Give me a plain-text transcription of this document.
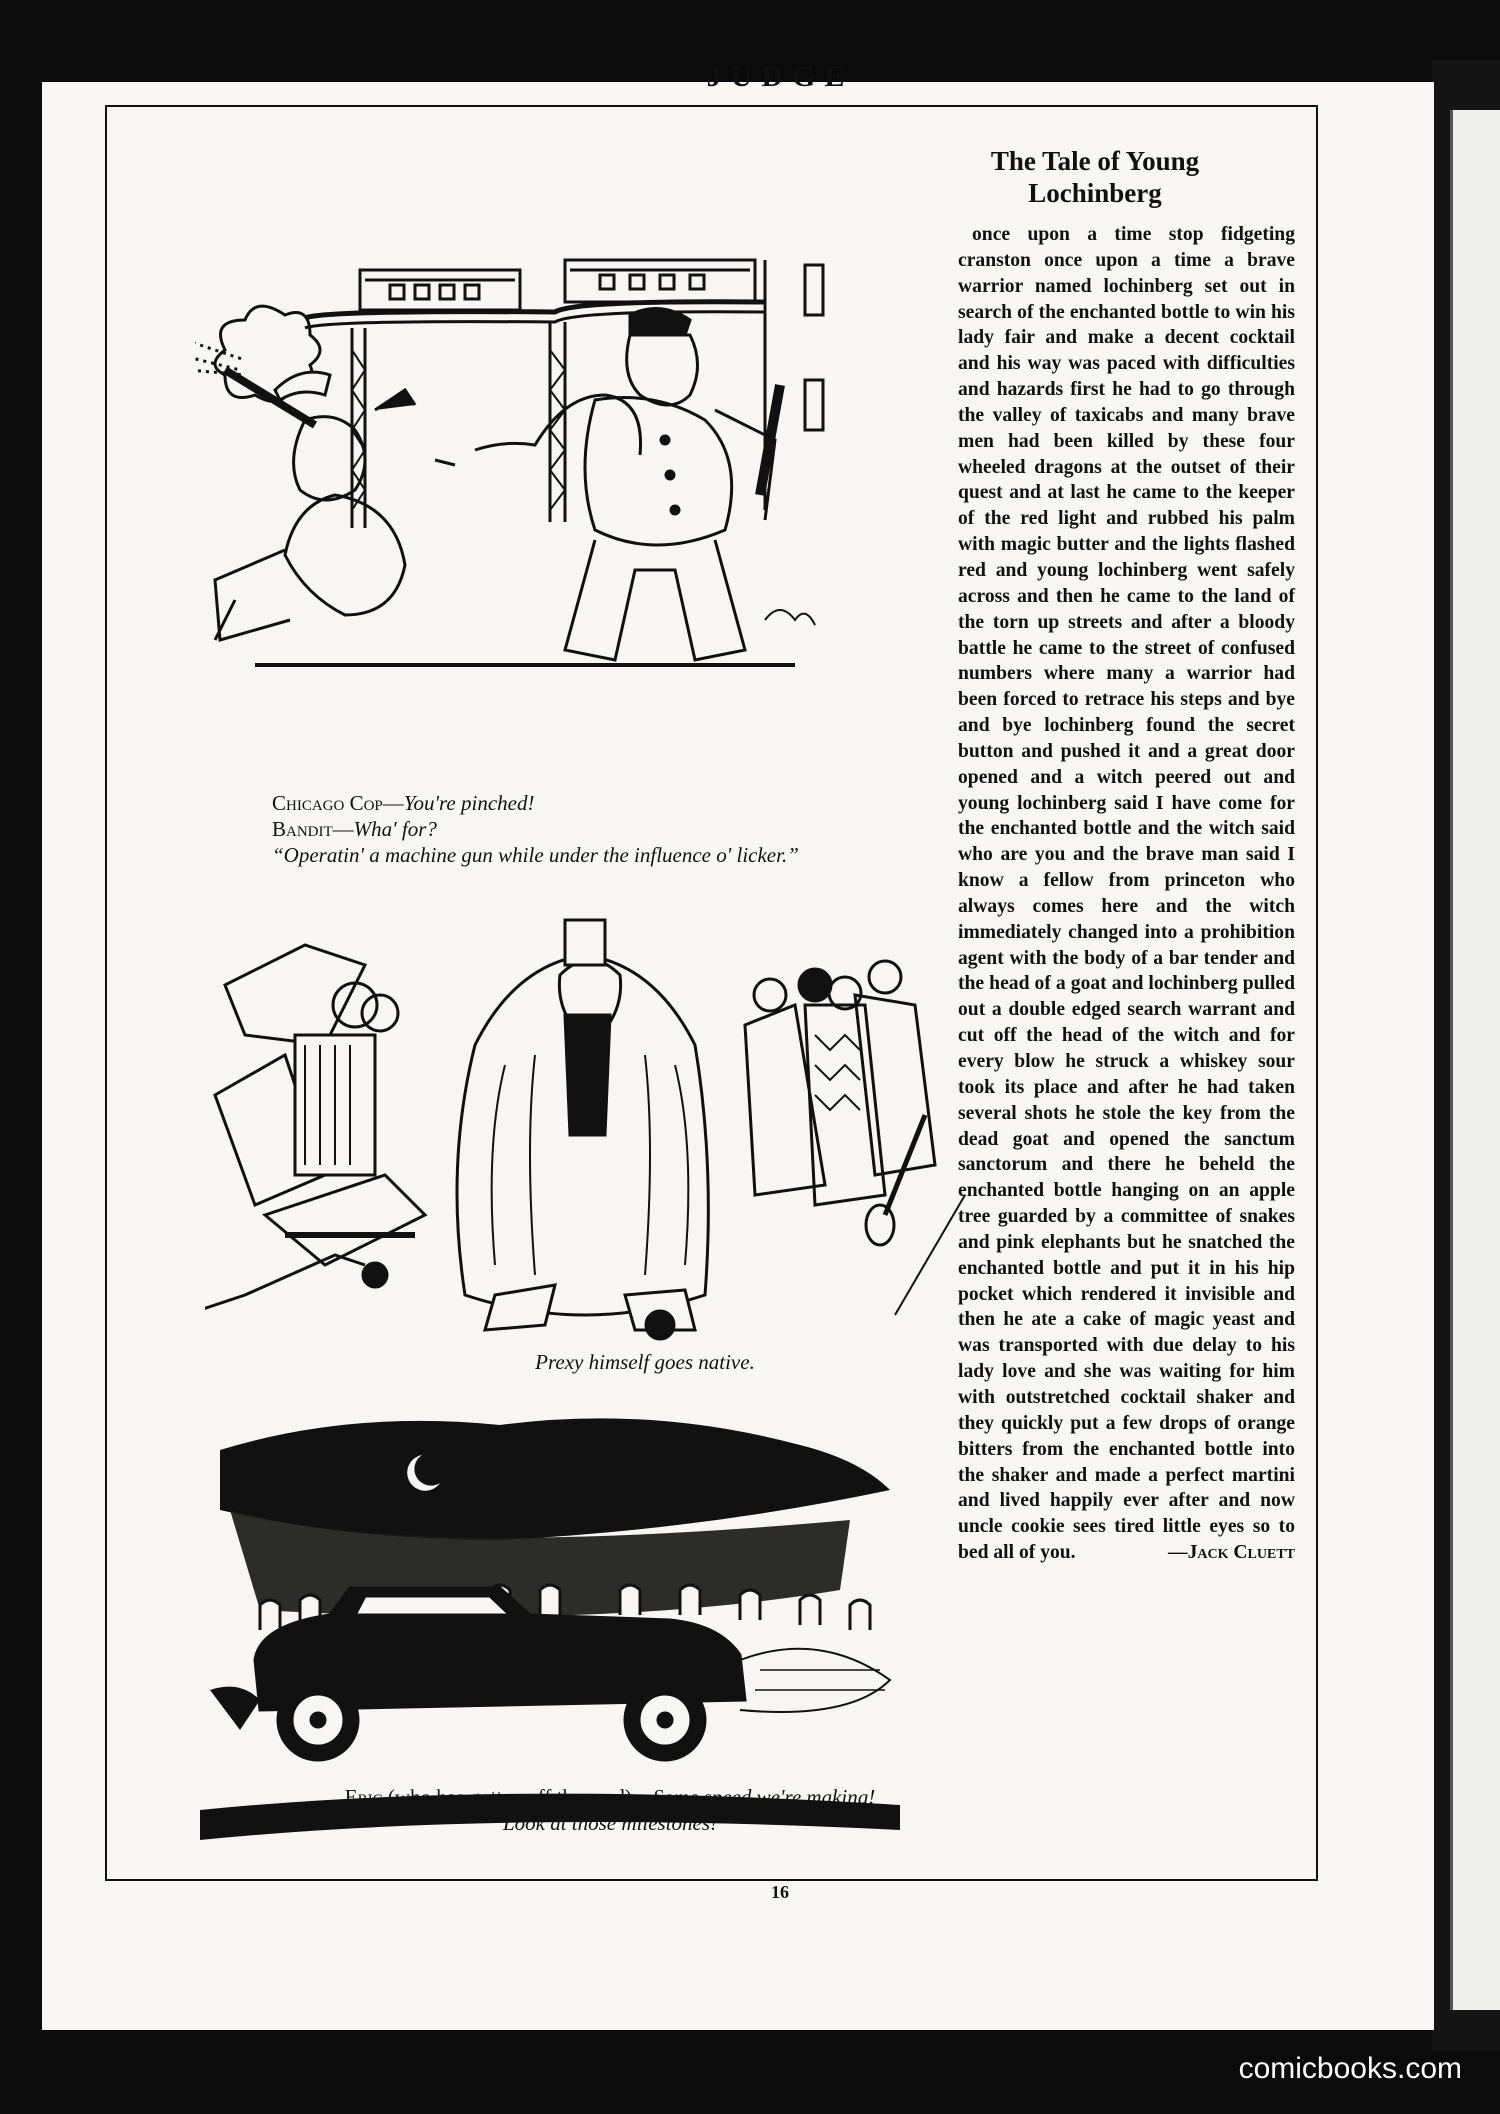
JUDGE
Chicago Cop—You're pinched!
Bandit—Wha' for?
“Operatin' a machine gun while under the influence o' licker.”
Prexy himself goes native.
Eric (who has gotten off the road)—Some speed we're making!
Look at those milestones!
The Tale of Young
Lochinberg

once upon a time stop fidgeting cranston once upon a time a brave warrior named lochinberg set out in search of the enchanted bottle to win his lady fair and make a decent cocktail and his way was paced with difficulties and hazards first he had to go through the valley of taxicabs and many brave men had been killed by these four wheeled dragons at the outset of their quest and at last he came to the keeper of the red light and rubbed his palm with magic butter and the lights flashed red and young lochinberg went safely across and then he came to the land of the torn up streets and after a bloody battle he came to the street of confused numbers where many a warrior had been forced to retrace his steps and bye and bye lochinberg found the secret button and pushed it and a great door opened and a witch peered out and young lochinberg said I have come for the enchanted bottle and the witch said who are you and the brave man said I know a fellow from princeton who always comes here and the witch immediately changed into a prohibition agent with the body of a bar tender and the head of a goat and lochinberg pulled out a double edged search warrant and cut off the head of the witch and for every blow he struck a whiskey sour took its place and after he had taken several shots he stole the key from the dead goat and opened the sanctum sanctorum and there he beheld the enchanted bottle hanging on an apple tree guarded by a committee of snakes and pink elephants but he snatched the enchanted bottle and put it in his hip pocket which rendered it invisible and then he ate a cake of magic yeast and was transported with due delay to his lady love and she was waiting for him with outstretched cocktail shaker and they quickly put a few drops of orange bitters from the enchanted bottle into the shaker and made a perfect martini and lived happily ever after and now uncle cookie sees tired little eyes so to bed all of you.	—Jack Cluett

16
comicbooks.com
